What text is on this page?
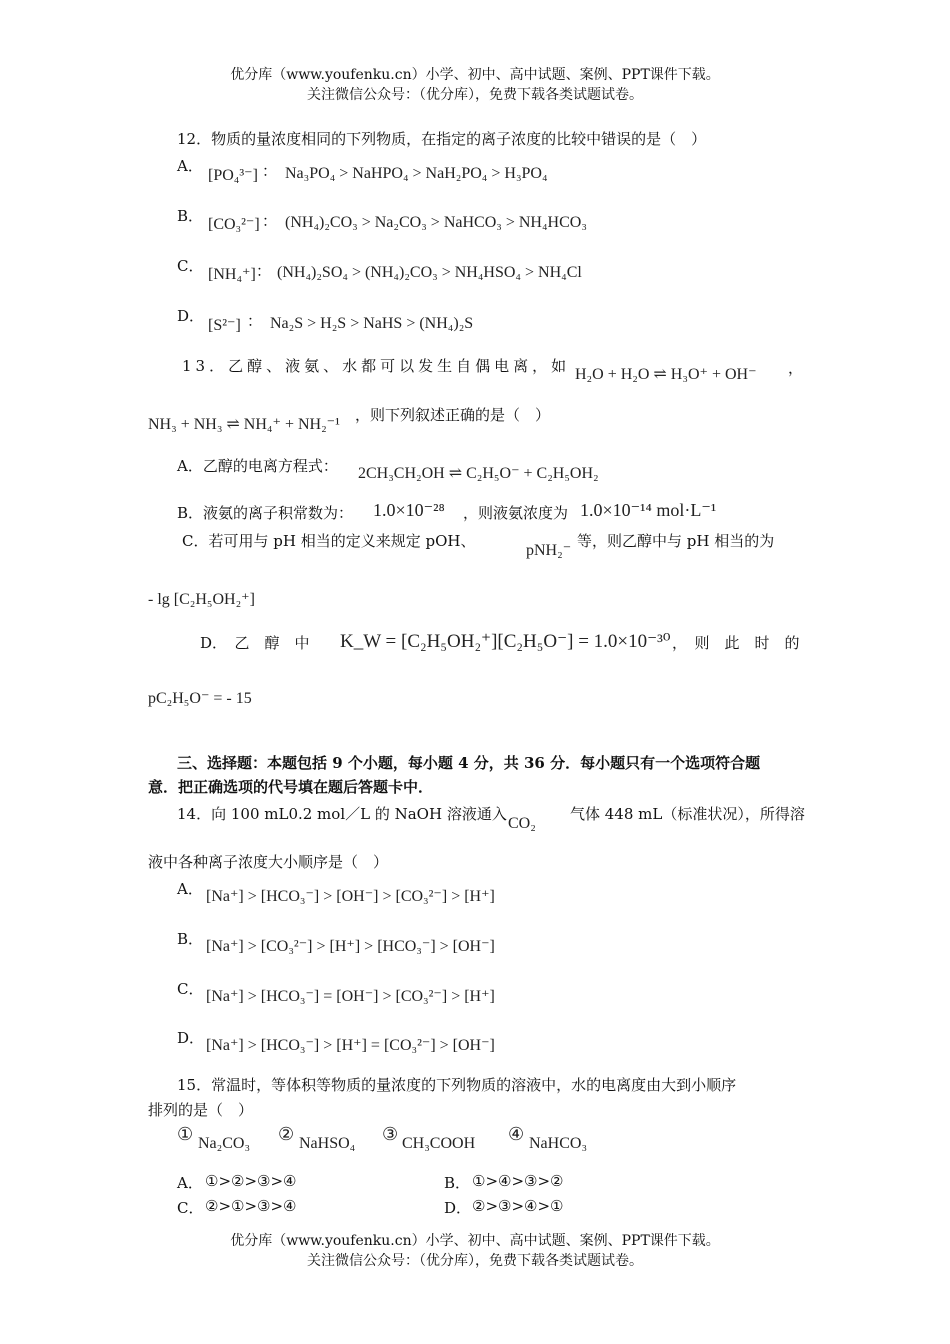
优分库（www.youfenku.cn）小学、初中、高中试题、案例、PPT课件下载。
关注微信公众号：（优分库），免费下载各类试题试卷。
12．物质的量浓度相同的下列物质，在指定的离子浓度的比较中错误的是（　）
A．
[PO₄³⁻] ： Na₃PO₄ > NaHPO₄ > NaH₂PO₄ > H₃PO₄
B． [CO₃²⁻] ： (NH₄)₂CO₃ > Na₂CO₃ > NaHCO₃ > NH₄HCO₃
C． [NH₄⁺] ： (NH₄)₂SO₄ > (NH₄)₂CO₃ > NH₄HSO₄ > NH₄Cl
D．
[S²⁻] ： Na₂S > H₂S > NaHS > (NH₄)₂S
13．乙醇、液氨、水都可以发生自偶电离，如 H₂O + H₂O ⇌ H₃O⁺ + OH⁻ ，
NH₃ + NH₃ ⇌ NH₄⁺ + NH₂⁻¹
，则下列叙述正确的是（　）
A．乙醇的电离方程式： 2CH₃CH₂OH ⇌ C₂H₅O⁻ + C₂H₅OH₂
B．液氨的离子积常数为： 1.0×10⁻²⁸ ，则液氨浓度为 1.0×10⁻¹⁴ mol·L⁻¹
C．若可用与 pH 相当的定义来规定 pOH、
pNH₂⁻
等，则乙醇中与 pH 相当的为
- lg [C₂H₅OH₂⁺]
D．　乙　醇　中 K_W = [C₂H₅OH₂⁺][C₂H₅O⁻] = 1.0×10⁻³⁰ ，　则　此　时　的
pC₂H₅O⁻ = - 15
三、选择题：本题包括 9 个小题，每小题 4 分，共 36 分．每小题只有一个选项符合题
意．把正确选项的代号填在题后答题卡中．
14．向 100 mL0.2 mol／L 的 NaOH 溶液通入
CO₂
气体 448 mL（标准状况），所得溶
液中各种离子浓度大小顺序是（　）
A． [Na⁺] > [HCO₃⁻] > [OH⁻] > [CO₃²⁻] > [H⁺]
B． [Na⁺] > [CO₃²⁻] > [H⁺] > [HCO₃⁻] > [OH⁻]
C． [Na⁺] > [HCO₃⁻] = [OH⁻] > [CO₃²⁻] > [H⁺]
D． [Na⁺] > [HCO₃⁻] > [H⁺] = [CO₃²⁻] > [OH⁻]
15．常温时，等体积等物质的量浓度的下列物质的溶液中，水的电离度由大到小顺序
排列的是（　）
① Na₂CO₃ ② NaHSO₄ ③ CH₃COOH ④ NaHCO₃
A． ①>②>③>④	B． ①>④>③>②
C． ②>①>③>④	D． ②>③>④>①
优分库（www.youfenku.cn）小学、初中、高中试题、案例、PPT课件下载。
关注微信公众号：（优分库），免费下载各类试题试卷。
